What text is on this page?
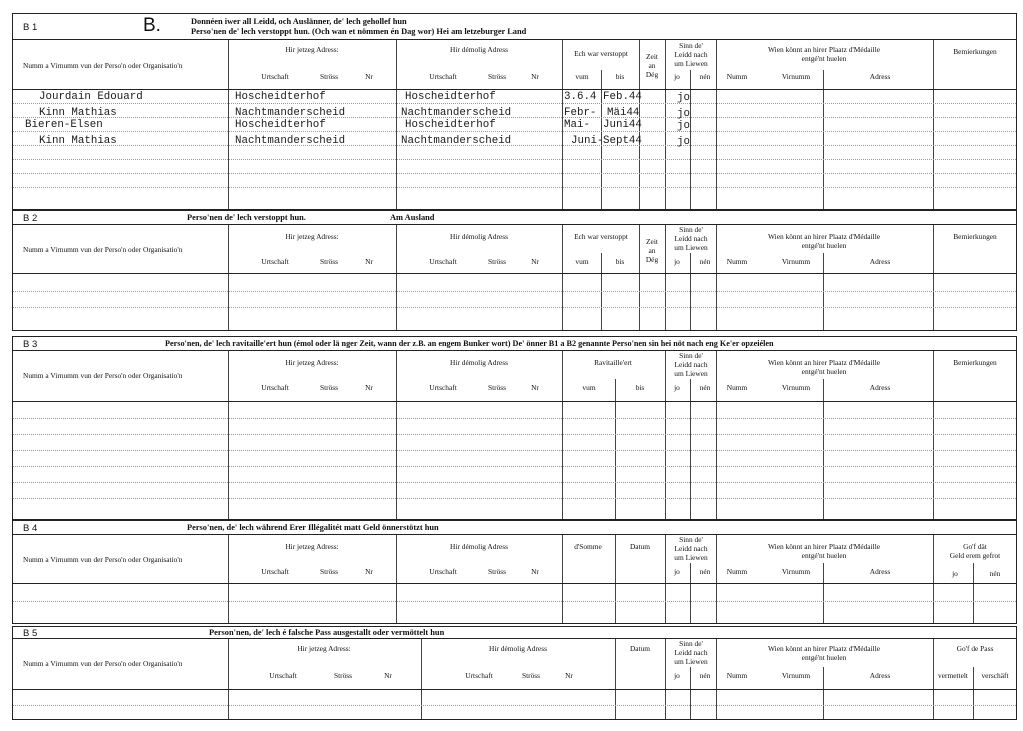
B 1	B.	Donnéen iwer all Leidd, och Auslänner, de' lech gehollef hun
Perso'nen de' lech verstoppt hun. (Och wan et nömmen én Dag wor) Hei am letzeburger Land
Numm a Virnumm vun der Perso'n oder Organisatio'n
Hir jetzeg Adress:
Urtschaft	Ströss	Nr
Hir démolig Adress
Urtschaft	Ströss	Nr
Ech war verstoppt
vum	bis
Zeit
an
Dég
Sinn de'
Leidd nach
um Liewen
jo	nén
Wien könnt an hirer Plaatz d'Médaille
entgé'nt huelen
Numm	Virnumm	Adress
Bemierkungen
Jourdain Edouard	Hoscheidterhof	Hoscheidterhof	3.6.4 Feb.44	jo
Kinn Mathias	Nachtmanderscheid	Nachtmanderscheid	Febr- Mäi44	jo
Bieren-Elsen	Hoscheidterhof	Hoscheidterhof	Mai- Juni44	jo
Kinn Mathias	Nachtmanderscheid	Nachtmanderscheid	Juni- Sept44	jo
B 2	Perso'nen de' lech verstoppt hun.	Am Ausland
Numm a Virnumm vun der Perso'n oder Organisatio'n
Hir jetzeg Adress:
Urtschaft	Ströss	Nr
Hir démolig Adress
Urtschaft	Ströss	Nr
Ech war verstoppt
vum	bis
Zeit
an
Dég
Sinn de'
Leidd nach
um Liewen
jo	nén
Wien könnt an hirer Plaatz d'Médaille
entgé'nt huelen
Numm	Virnumm	Adress
Bemierkungen
B 3	Perso'nen, de' lech ravitaille'ert hun (émol oder lä nger Zeit, wann der z.B. an engem Bunker wort) De' önner B1 a B2 genannte Perso'nen sin hei nöt nach eng Ke'er opzeiélen
Numm a Virnumm vun der Perso'n oder Organisatio'n
Hir jetzeg Adress:
Urtschaft	Ströss	Nr
Hir démolig Adress
Urtschaft	Ströss	Nr
Ravitaille'ert
vum	bis
Sinn de'
Leidd nach
um Liewen
jo	nén
Wien könnt an hirer Plaatz d'Médaille
entgé'nt huelen
Numm	Virnumm	Adress
Bemierkungen
B 4	Perso'nen, de' lech während Erer Illégalitét matt Geld önnerstötzt hun
Numm a Virnumm vun der Perso'n oder Organisatio'n
Hir jetzeg Adress:
Urtschaft	Ströss	Nr
Hir démolig Adress
Urtschaft	Ströss	Nr
d'Somme	Datum
Sinn de'
Leidd nach
um Liewen
jo	nén
Wien könnt an hirer Plaatz d'Médaille
entgé'nt huelen
Numm	Virnumm	Adress
Go'f dät
Geld erem gefrot
jo	nén
B 5	Person'nen, de' lech é falsche Pass ausgestallt oder vermöttelt hun
Numm a Virnumm vun der Perso'n oder Organisatio'n
Hir jetzeg Adress:
Urtschaft	Ströss	Nr
Hir démolig Adress
Urtschaft	Ströss	Nr
Datum
Sinn de'
Leidd nach
um Liewen
jo	nén
Wien könnt an hirer Plaatz d'Médaille
entgé'nt huelen
Numm	Virnumm	Adress
Go'f de Pass
vermettelt verschäft
